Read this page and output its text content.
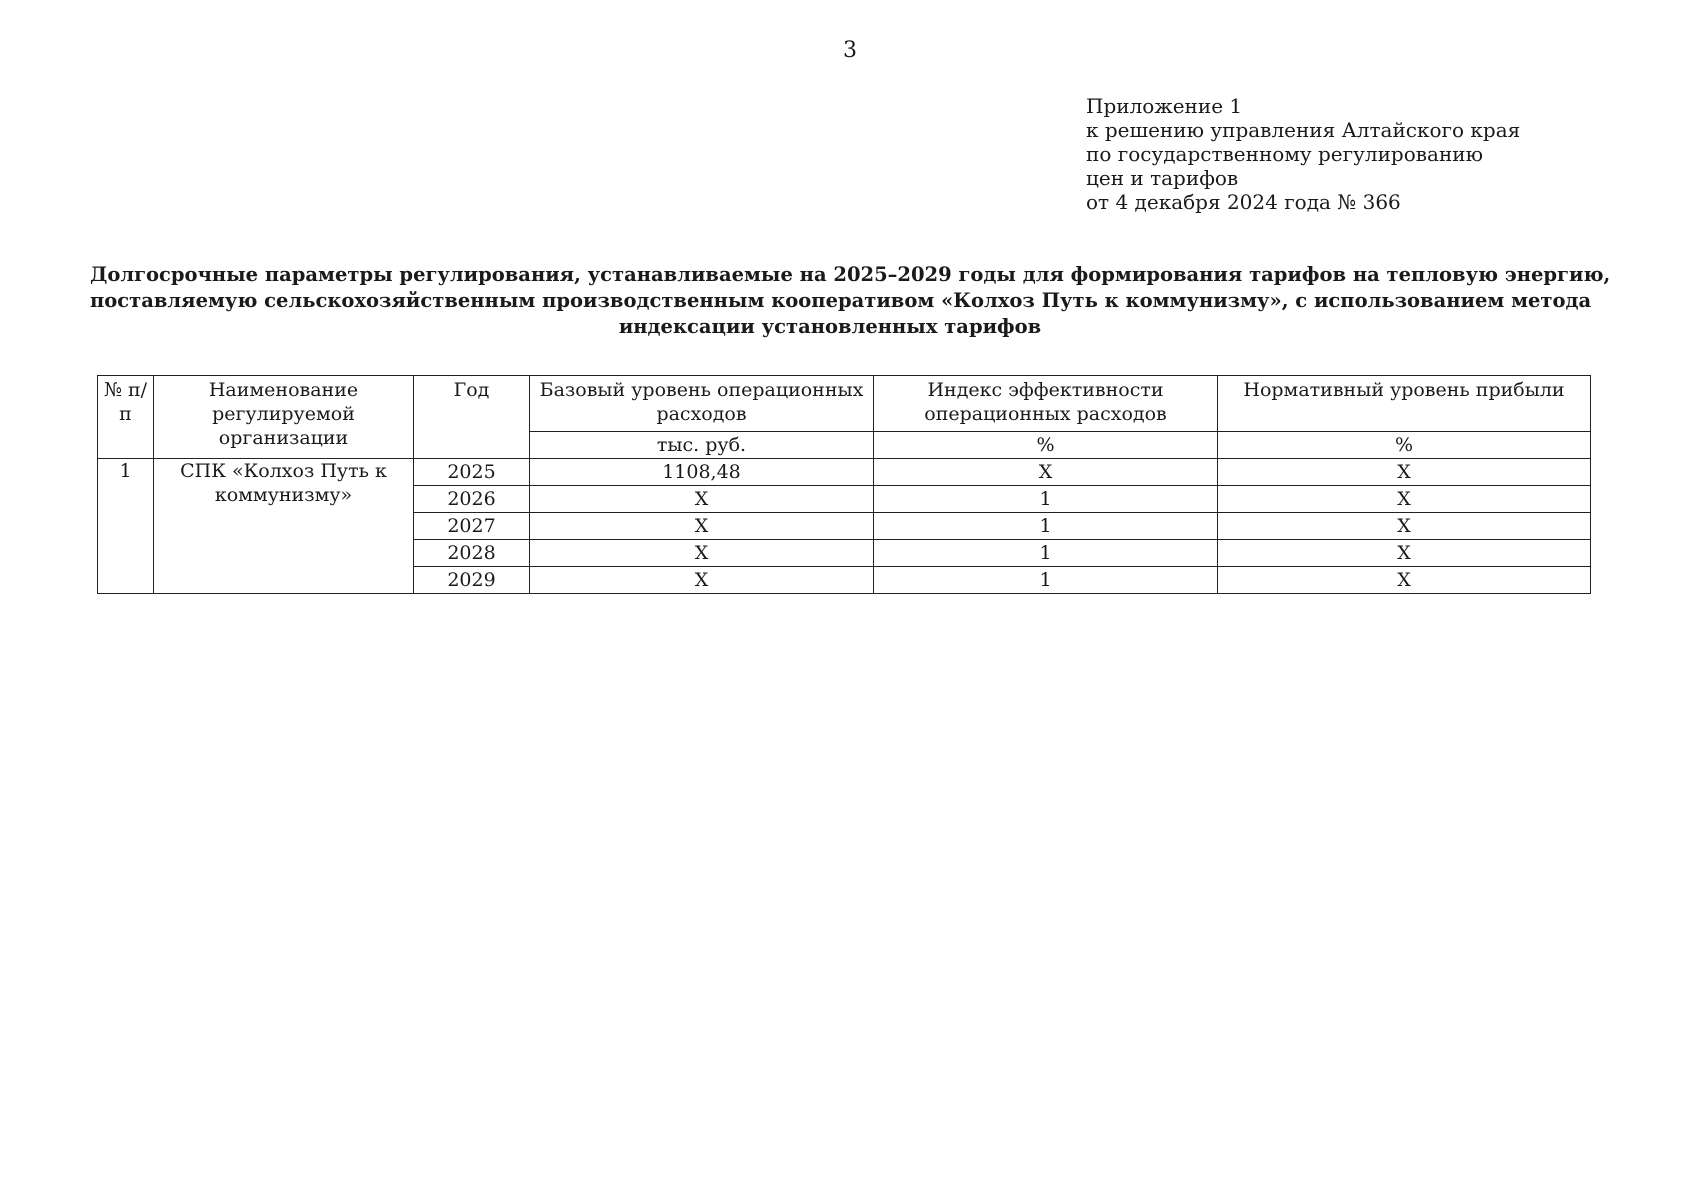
3
Приложение 1
к решению управления Алтайского края
по государственному регулированию
цен и тарифов
от 4 декабря 2024 года № 366
Долгосрочные параметры регулирования, устанавливаемые на 2025–2029 годы для формирования тарифов на тепловую энергию,
поставляемую сельскохозяйственным производственным кооперативом «Колхоз Путь к коммунизму», с использованием метода
индексации установленных тарифов
№ п/п	Наименование регулируемой организации	Год	Базовый уровень операционных расходов	Индекс эффективности операционных расходов	Нормативный уровень прибыли
			тыс. руб.	%	%
1	СПК «Колхоз Путь к коммунизму»	2025	1108,48	X	X
		2026	X	1	X
		2027	X	1	X
		2028	X	1	X
		2029	X	1	X
